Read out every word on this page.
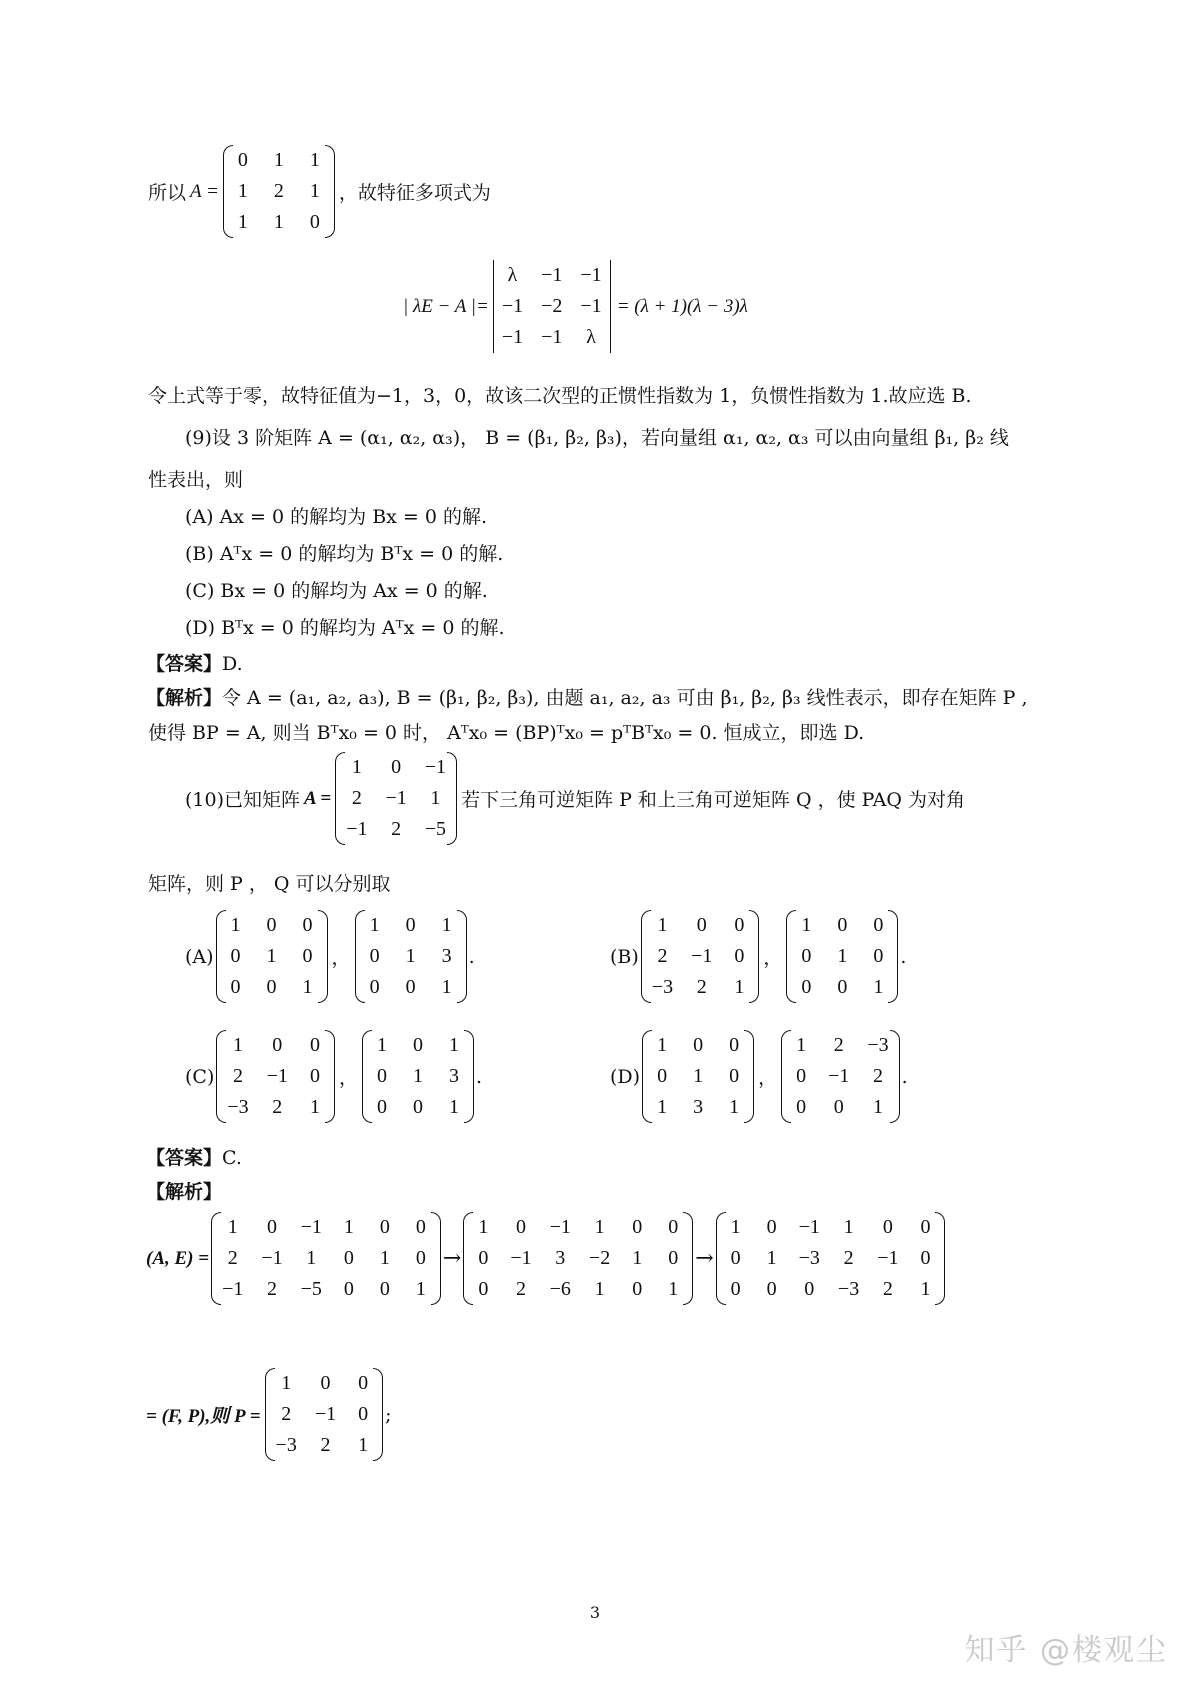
所以 A =
0	1	1
1	2	1
1	1	0
，故特征多项式为
| λE − A |=
λ	−1	−1
−1	−2	−1
−1	−1	λ
= (λ + 1)(λ − 3)λ
令上式等于零，故特征值为−1，3，0，故该二次型的正惯性指数为 1，负惯性指数为 1.故应选 B.
(9)设 3 阶矩阵 A = (α₁, α₂, α₃)， B = (β₁, β₂, β₃)，若向量组 α₁, α₂, α₃ 可以由向量组 β₁, β₂ 线
性表出，则
(A) Ax = 0 的解均为 Bx = 0 的解.
(B) Aᵀx = 0 的解均为 Bᵀx = 0 的解.
(C) Bx = 0 的解均为 Ax = 0 的解.
(D) Bᵀx = 0 的解均为 Aᵀx = 0 的解.
【答案】D.
【解析】令 A = (a₁, a₂, a₃), B = (β₁, β₂, β₃), 由题 a₁, a₂, a₃ 可由 β₁, β₂, β₃ 线性表示，即存在矩阵 P ,
使得 BP = A, 则当 Bᵀx₀ = 0 时， Aᵀx₀ = (BP)ᵀx₀ = pᵀBᵀx₀ = 0. 恒成立，即选 D.
(10)已知矩阵 A =
1	0	−1
2	−1	1
−1	2	−5
若下三角可逆矩阵 P 和上三角可逆矩阵 Q ，使 PAQ 为对角
矩阵，则 P ， Q 可以分别取
(A)
1	0	0
0	1	0
0	0	1
，
1	0	1
0	1	3
0	0	1
.	(B)
1	0	0
2	−1	0
−3	2	1
，
1	0	0
0	1	0
0	0	1
.
(C)
1	0	0
2	−1	0
−3	2	1
，
1	0	1
0	1	3
0	0	1
.	(D)
1	0	0
0	1	0
1	3	1
，
1	2	−3
0	−1	2
0	0	1
.
【答案】C.
【解析】
(A, E) =
1	0	−1	1	0	0
2	−1	1	0	1	0
−1	2	−5	0	0	1
→
1	0	−1	1	0	0
0	−1	3	−2	1	0
0	2	−6	1	0	1
→
1	0	−1	1	0	0
0	1	−3	2	−1	0
0	0	0	−3	2	1
= (F, P),则 P =
1	0	0
2	−1	0
−3	2	1
;
3
知乎 @楼观尘
